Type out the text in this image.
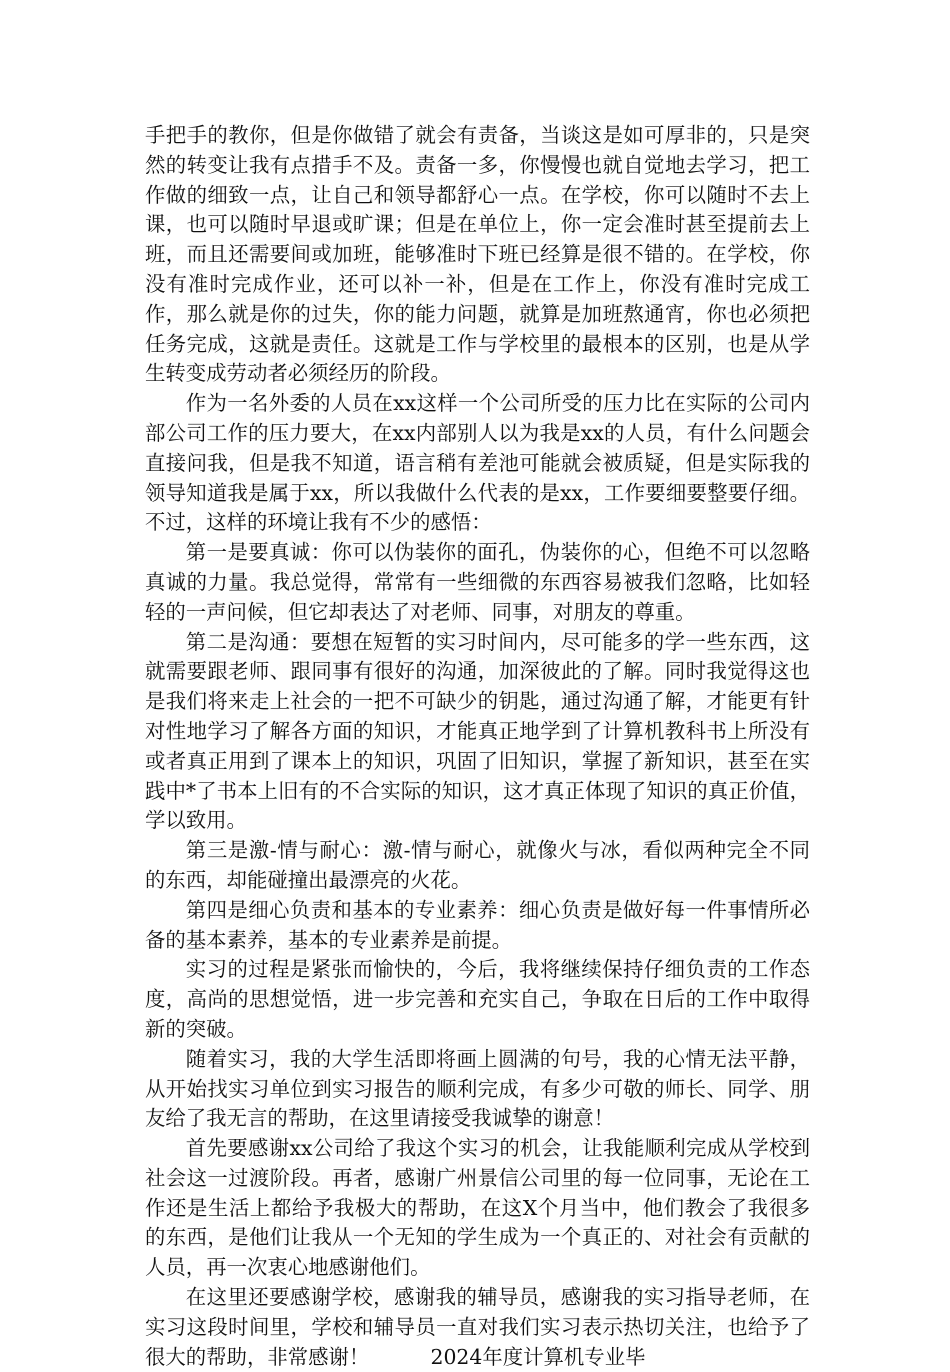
手把手的教你，但是你做错了就会有责备，当谈这是如可厚非的，只是突然的转变让我有点措手不及。责备一多，你慢慢也就自觉地去学习，把工作做的细致一点，让自己和领导都舒心一点。在学校，你可以随时不去上课，也可以随时早退或旷课；但是在单位上，你一定会准时甚至提前去上班，而且还需要间或加班，能够准时下班已经算是很不错的。在学校，你没有准时完成作业，还可以补一补，但是在工作上，你没有准时完成工作，那么就是你的过失，你的能力问题，就算是加班熬通宵，你也必须把任务完成，这就是责任。这就是工作与学校里的最根本的区别，也是从学生转变成劳动者必须经历的阶段。

作为一名外委的人员在xx这样一个公司所受的压力比在实际的公司内部公司工作的压力要大，在xx内部别人以为我是xx的人员，有什么问题会直接问我，但是我不知道，语言稍有差池可能就会被质疑，但是实际我的领导知道我是属于xx，所以我做什么代表的是xx，工作要细要整要仔细。不过，这样的环境让我有不少的感悟：

第一是要真诚：你可以伪装你的面孔，伪装你的心，但绝不可以忽略真诚的力量。我总觉得，常常有一些细微的东西容易被我们忽略，比如轻轻的一声问候，但它却表达了对老师、同事，对朋友的尊重。

第二是沟通：要想在短暂的实习时间内，尽可能多的学一些东西，这就需要跟老师、跟同事有很好的沟通，加深彼此的了解。同时我觉得这也是我们将来走上社会的一把不可缺少的钥匙，通过沟通了解，才能更有针对性地学习了解各方面的知识，才能真正地学到了计算机教科书上所没有或者真正用到了课本上的知识，巩固了旧知识，掌握了新知识，甚至在实践中*了书本上旧有的不合实际的知识，这才真正体现了知识的真正价值，学以致用。

第三是激-情与耐心：激-情与耐心，就像火与冰，看似两种完全不同的东西，却能碰撞出最漂亮的火花。

第四是细心负责和基本的专业素养：细心负责是做好每一件事情所必备的基本素养，基本的专业素养是前提。

实习的过程是紧张而愉快的，今后，我将继续保持仔细负责的工作态度，高尚的思想觉悟，进一步完善和充实自己，争取在日后的工作中取得新的突破。

随着实习，我的大学生活即将画上圆满的句号，我的心情无法平静，从开始找实习单位到实习报告的顺利完成，有多少可敬的师长、同学、朋友给了我无言的帮助，在这里请接受我诚挚的谢意！

首先要感谢xx公司给了我这个实习的机会，让我能顺利完成从学校到社会这一过渡阶段。再者，感谢广州景信公司里的每一位同事，无论在工作还是生活上都给予我极大的帮助，在这X个月当中，他们教会了我很多的东西，是他们让我从一个无知的学生成为一个真正的、对社会有贡献的人员，再一次衷心地感谢他们。

在这里还要感谢学校，感谢我的辅导员，感谢我的实习指导老师，在实习这段时间里，学校和辅导员一直对我们实习表示热切关注，也给予了很大的帮助，非常感谢！　　　2024年度计算机专业毕
